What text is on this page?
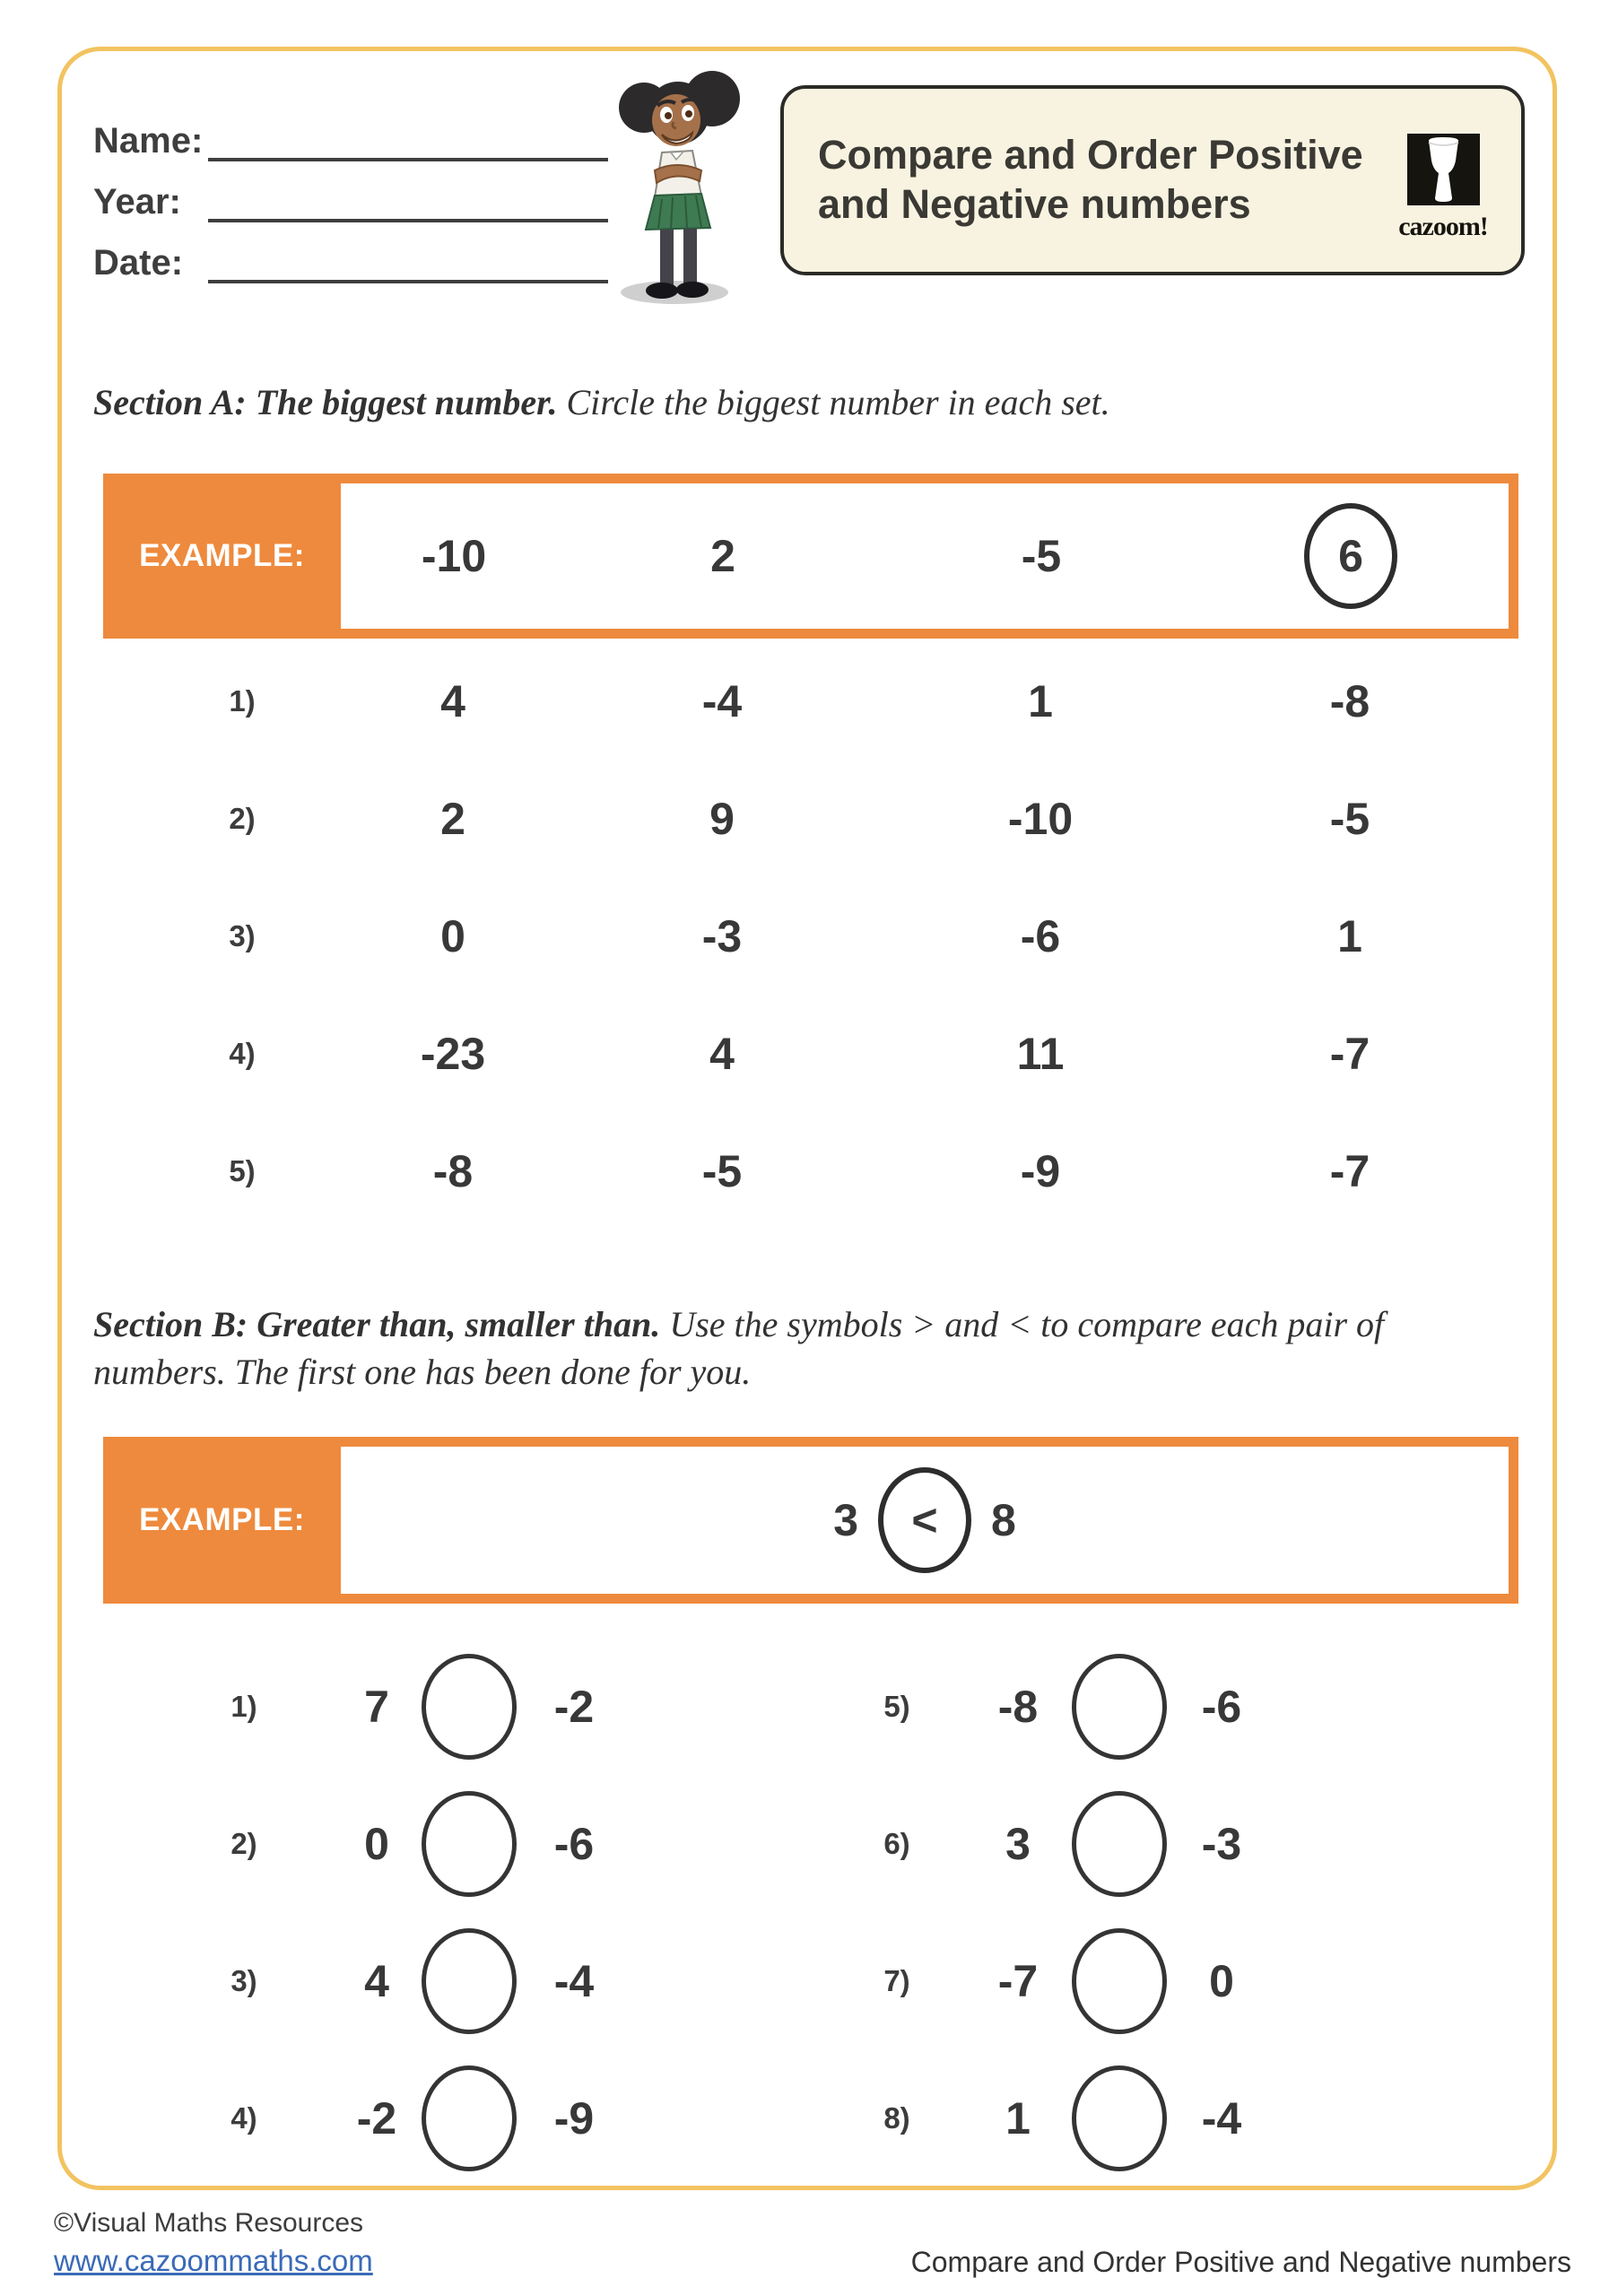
Name:
Year:
Date:
Compare and Order Positive
and Negative numbers	cazoom!

Section A: The biggest number. Circle the biggest number in each set.

EXAMPLE:	-10	2	-5	6
1)	4	-4	1	-8
2)	2	9	-10	-5
3)	0	-3	-6	1
4)	-23	4	11	-7
5)	-8	-5	-9	-7

Section B: Greater than, smaller than. Use the symbols > and < to compare each pair of numbers. The first one has been done for you.

EXAMPLE:	3 < 8
1) 7	-2
2) 0	-6
3) 4	-4
4) -2	-9
5) -8	-6
6) 3	-3
7) -7	0
8) 1	-4
©Visual Maths Resources
www.cazoommaths.com	Compare and Order Positive and Negative numbers
